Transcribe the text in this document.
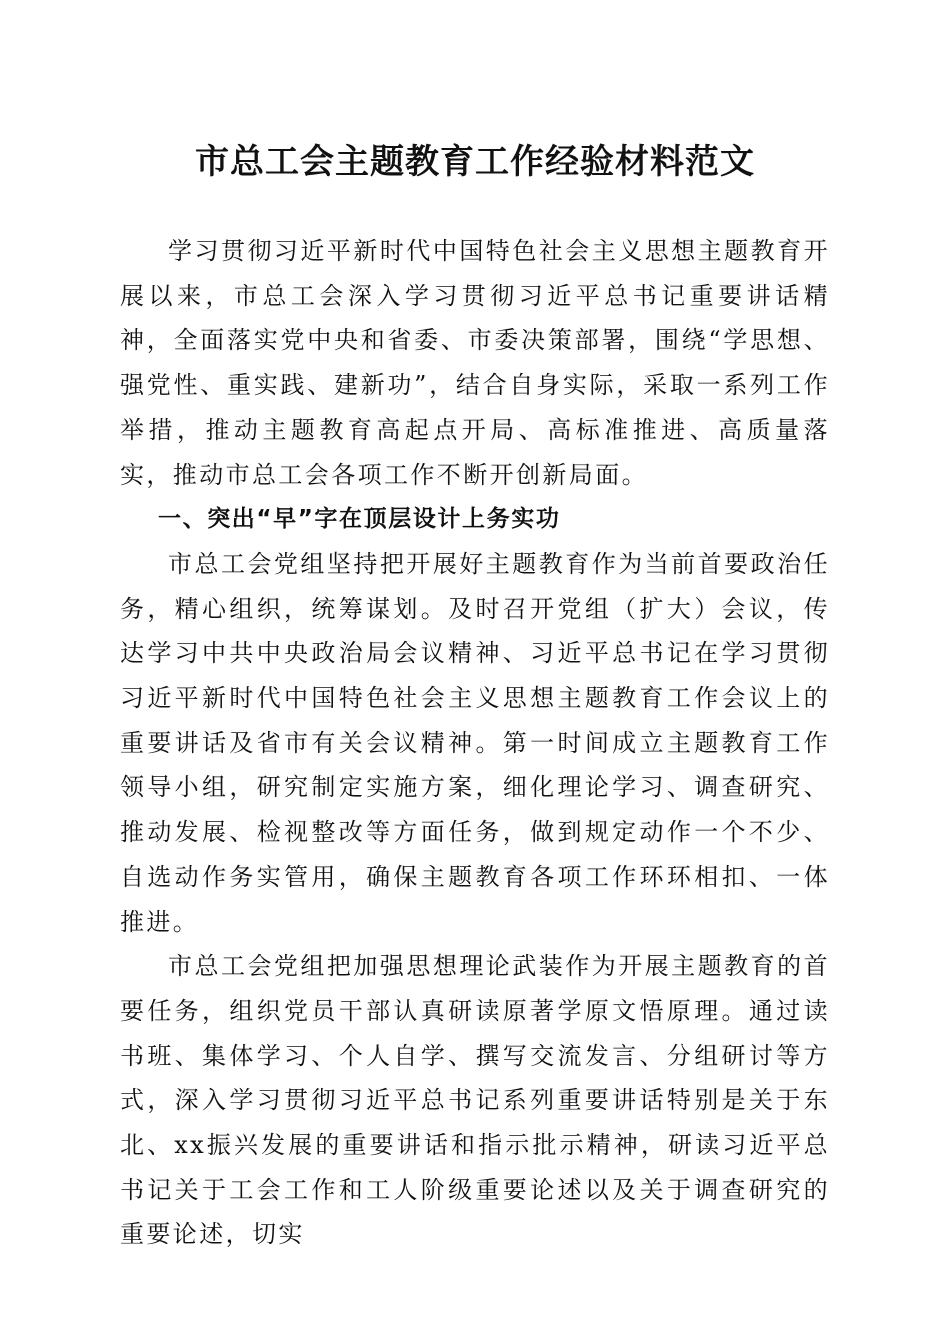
市总工会主题教育工作经验材料范文

学习贯彻习近平新时代中国特色社会主义思想主题教育开展以来，市总工会深入学习贯彻习近平总书记重要讲话精神，全面落实党中央和省委、市委决策部署，围绕“学思想、强党性、重实践、建新功”，结合自身实际，采取一系列工作举措，推动主题教育高起点开局、高标准推进、高质量落实，推动市总工会各项工作不断开创新局面。

一、突出“早”字在顶层设计上务实功

市总工会党组坚持把开展好主题教育作为当前首要政治任务，精心组织，统筹谋划。及时召开党组（扩大）会议，传达学习中共中央政治局会议精神、习近平总书记在学习贯彻习近平新时代中国特色社会主义思想主题教育工作会议上的重要讲话及省市有关会议精神。第一时间成立主题教育工作领导小组，研究制定实施方案，细化理论学习、调查研究、推动发展、检视整改等方面任务，做到规定动作一个不少、自选动作务实管用，确保主题教育各项工作环环相扣、一体推进。

市总工会党组把加强思想理论武装作为开展主题教育的首要任务，组织党员干部认真研读原著学原文悟原理。通过读书班、集体学习、个人自学、撰写交流发言、分组研讨等方式，深入学习贯彻习近平总书记系列重要讲话特别是关于东北、xx振兴发展的重要讲话和指示批示精神，研读习近平总书记关于工会工作和工人阶级重要论述以及关于调查研究的重要论述，切实
